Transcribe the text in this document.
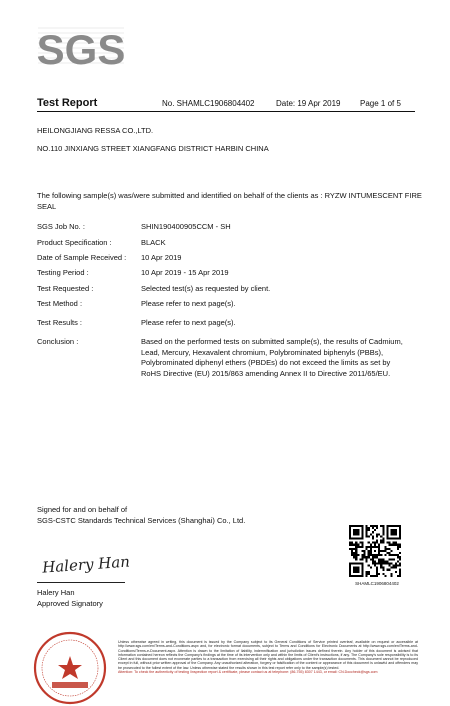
SGS
Test Report	No. SHAMLC1906804402	Date: 19 Apr 2019 Page 1 of 5
HEILONGJIANG RESSA CO.,LTD.
NO.110 JINXIANG STREET XIANGFANG DISTRICT HARBIN CHINA
The following sample(s) was/were submitted and identified on behalf of the clients as : RYZW INTUMESCENT FIRE SEAL
SGS Job No. :	SHIN190400905CCM - SH
Product Specification :	BLACK
Date of Sample Received :	10 Apr 2019
Testing Period :	10 Apr 2019 - 15 Apr 2019
Test Requested :	Selected test(s) as requested by client.
Test Method :	Please refer to next page(s).
Test Results :	Please refer to next page(s).
Conclusion :	Based on the performed tests on submitted sample(s), the results of Cadmium, Lead, Mercury, Hexavalent chromium, Polybrominated biphenyls (PBBs), Polybrominated diphenyl ethers (PBDEs) do not exceed the limits as set by RoHS Directive (EU) 2015/863 amending Annex II to Directive 2011/65/EU.
Signed for and on behalf of
SGS-CSTC Standards Technical Services (Shanghai) Co., Ltd.
Halery Han
Halery Han
Approved Signatory
SHAMLC1906804402
Unless otherwise agreed in writing, this document is issued by the Company subject to its General Conditions of Service printed overleaf, available on request or accessible at http://www.sgs.com/en/Terms-and-Conditions.aspx and, for electronic format documents, subject to Terms and Conditions for Electronic Documents at http://www.sgs.com/en/Terms-and-Conditions/Terms-e-Document.aspx. Attention is drawn to the limitation of liability, indemnification and jurisdiction issues defined therein. Any holder of this document is advised that information contained hereon reflects the Company's findings at the time of its intervention only and within the limits of Client's instructions, if any. The Company's sole responsibility is to its Client and this document does not exonerate parties to a transaction from exercising all their rights and obligations under the transaction documents. This document cannot be reproduced except in full, without prior written approval of the Company. Any unauthorized alteration, forgery or falsification of the content or appearance of this document is unlawful and offenders may be prosecuted to the fullest extent of the law. Unless otherwise stated the results shown in this test report refer only to the sample(s) tested.
Attention: To check the authenticity of testing /inspection report & certificate, please contact us at telephone: (86-755) 8307 1443, or email: CN.Doccheck@sgs.com
